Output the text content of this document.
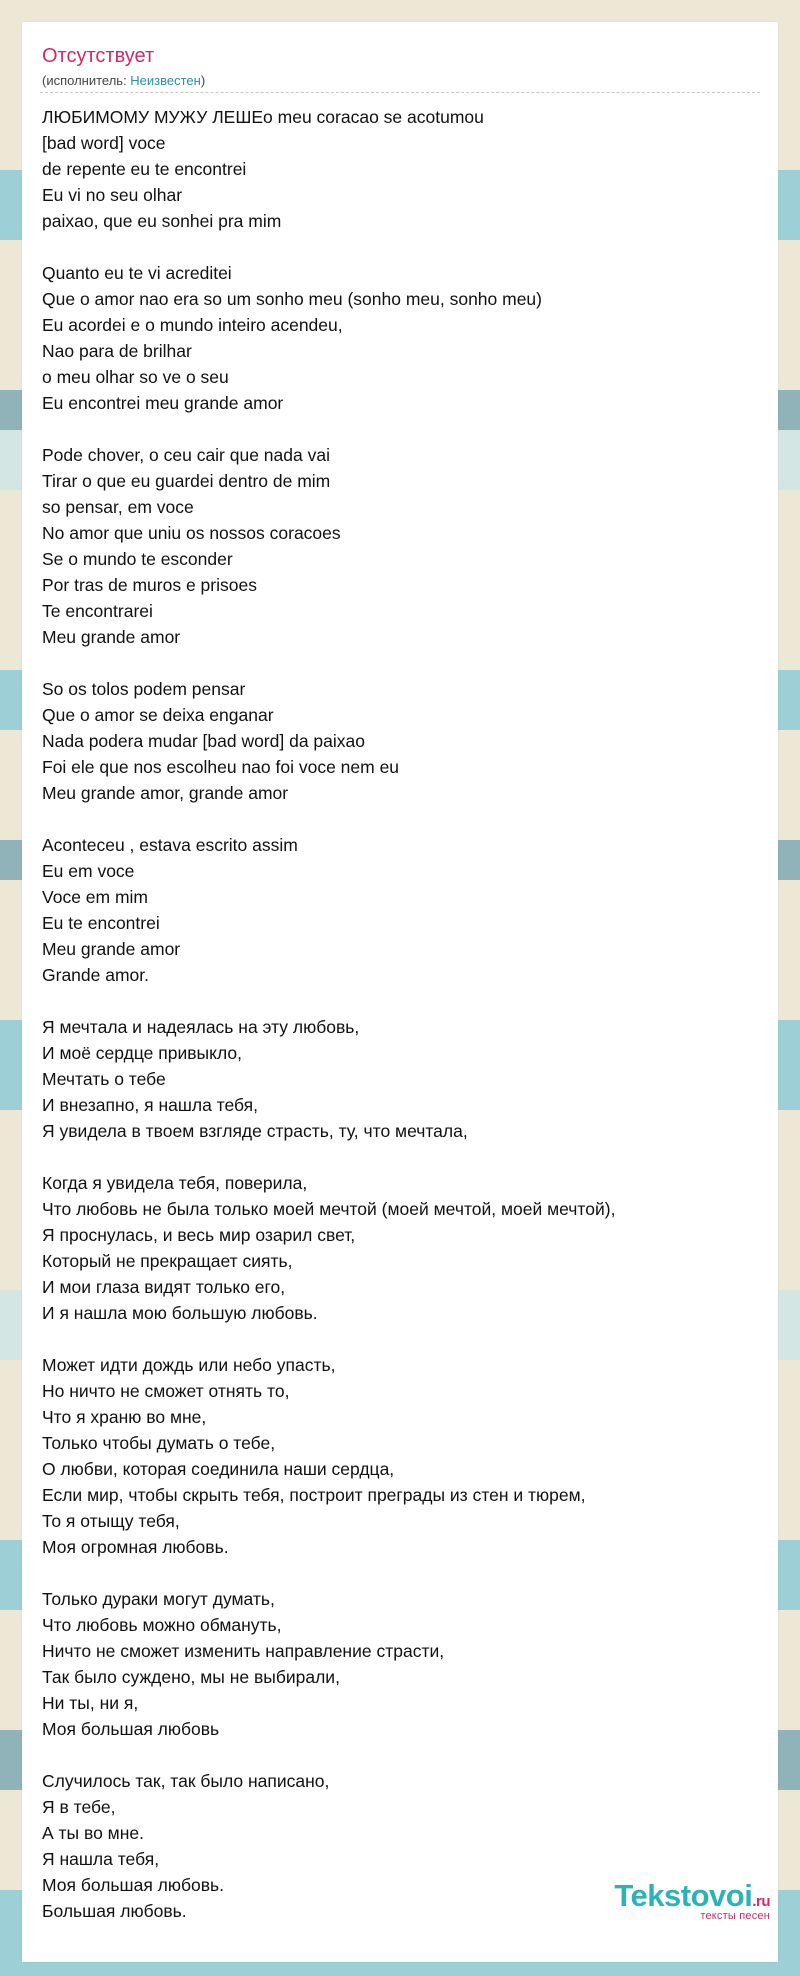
Отсутствует
(исполнитель: Неизвестен)
ЛЮБИМОМУ МУЖУ ЛЕШЕo meu coracao se acotumou
[bad word] voce
de repente eu te encontrei
Eu vi no seu olhar
paixao, que eu sonhei pra mim

Quanto eu te vi acreditei
Que o amor nao era so um sonho meu (sonho meu, sonho meu)
Eu acordei e o mundo inteiro acendeu,
Nao para de brilhar
o meu olhar so ve o seu
Eu encontrei meu grande amor

Pode chover, o ceu cair que nada vai
Tirar o que eu guardei dentro de mim
so pensar, em voce
No amor que uniu os nossos coracoes
Se o mundo te esconder
Por tras de muros e prisoes
Te encontrarei
Meu grande amor

So os tolos podem pensar
Que o amor se deixa enganar
Nada podera mudar [bad word] da paixao
Foi ele que nos escolheu nao foi voce nem eu
Meu grande amor, grande amor

Aconteceu , estava escrito assim
Eu em voce
Voce em mim
Eu te encontrei
Meu grande amor
Grande amor.

Я мечтала и надеялась на эту любовь,
И моё сердце привыкло,
Мечтать о тебе
И внезапно, я нашла тебя,
Я увидела в твоем взгляде страсть, ту, что мечтала,

Когда я увидела тебя, поверила,
Что любовь не была только моей мечтой (моей мечтой, моей мечтой),
Я проснулась, и весь мир озарил свет,
Который не прекращает сиять,
И мои глаза видят только его,
И я нашла мою большую любовь.

Может идти дождь или небо упасть,
Но ничто не сможет отнять то,
Что я храню во мне,
Только чтобы думать о тебе,
О любви, которая соединила наши сердца,
Если мир, чтобы скрыть тебя, построит преграды из стен и тюрем,
То я отыщу тебя,
Моя огромная любовь.

Только дураки могут думать,
Что любовь можно обмануть,
Ничто не сможет изменить направление страсти,
Так было суждено, мы не выбирали,
Ни ты, ни я,
Моя большая любовь

Случилось так, так было написано,
Я в тебе,
А ты во мне.
Я нашла тебя,
Моя большая любовь.
Большая любовь.	Tekstovoi.ru
тексты песен
